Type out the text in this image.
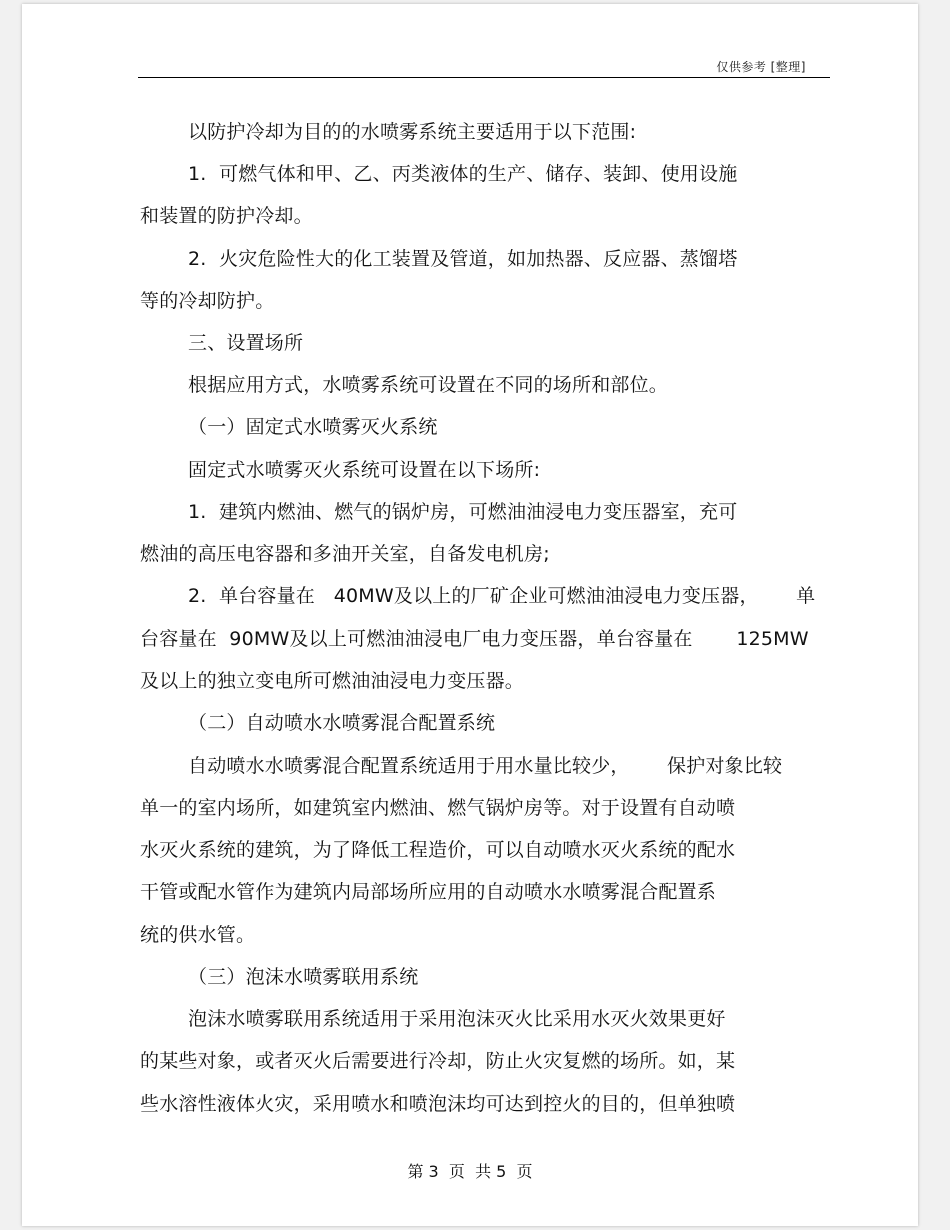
仅供参考 [整理]
以防护冷却为目的的水喷雾系统主要适用于以下范围:
1.  可燃气体和甲、乙、丙类液体的生产、储存、装卸、使用设施
和装置的防护冷却。
2.  火灾危险性大的化工装置及管道，如加热器、反应器、蒸馏塔
等的冷却防护。
三、设置场所
根据应用方式，水喷雾系统可设置在不同的场所和部位。
（一）固定式水喷雾灭火系统
固定式水喷雾灭火系统可设置在以下场所:
1.  建筑内燃油、燃气的锅炉房，可燃油油浸电力变压器室，充可
燃油的高压电容器和多油开关室，自备发电机房;
2.  单台容量在   40MW及以上的厂矿企业可燃油油浸电力变压器，      单
台容量在  90MW及以上可燃油油浸电厂电力变压器，单台容量在       125MW
及以上的独立变电所可燃油油浸电力变压器。
（二）自动喷水水喷雾混合配置系统
自动喷水水喷雾混合配置系统适用于用水量比较少，      保护对象比较
单一的室内场所，如建筑室内燃油、燃气锅炉房等。对于设置有自动喷
水灭火系统的建筑，为了降低工程造价，可以自动喷水灭火系统的配水
干管或配水管作为建筑内局部场所应用的自动喷水水喷雾混合配置系
统的供水管。
（三）泡沫水喷雾联用系统
泡沫水喷雾联用系统适用于采用泡沫灭火比采用水灭火效果更好
的某些对象，或者灭火后需要进行冷却，防止火灾复燃的场所。如，某
些水溶性液体火灾，采用喷水和喷泡沫均可达到控火的目的，但单独喷
第 3  页  共 5  页
